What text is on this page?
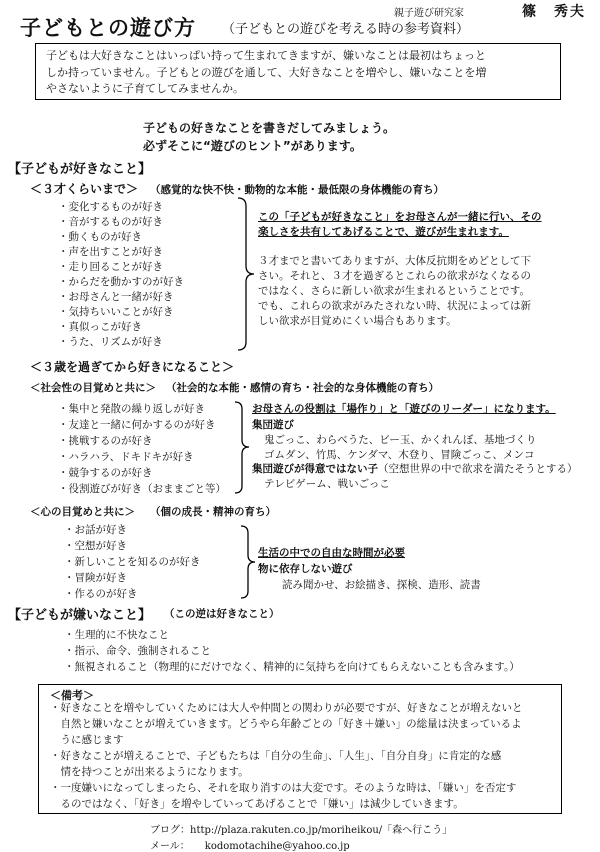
子どもとの遊び方 （子どもとの遊びを考える時の参考資料）
親子遊び研究家	篠　秀夫
子どもは大好きなことはいっぱい持って生まれてきますが、嫌いなことは最初はちょっと
しか持っていません。子どもとの遊びを通して、大好きなことを増やし、嫌いなことを増
やさないように子育てしてみませんか。
子どもの好きなことを書きだしてみましょう。
必ずそこに“遊びのヒント”があります。
【子どもが好きなこと】
＜３才くらいまで＞ （感覚的な快不快・動物的な本能・最低限の身体機能の育ち）
・変化するものが好き
・音がするものが好き
・動くものが好き
・声を出すことが好き
・走り回ることが好き
・からだを動かすのが好き
・お母さんと一緒が好き
・気持ちいいことが好き
・真似っこが好き
・うた、リズムが好き
この「子どもが好きなこと」をお母さんが一緒に行い、その
楽しさを共有してあげることで、遊びが生まれます。
３才までと書いてありますが、大体反抗期をめどとして下
さい。それと、３才を過ぎるとこれらの欲求がなくなるの
ではなく、さらに新しい欲求が生まれるということです。
でも、これらの欲求がみたされない時、状況によっては新
しい欲求が目覚めにくい場合もあります。
＜３歳を過ぎてから好きになること＞
＜社会性の目覚めと共に＞ （社会的な本能・感情の育ち・社会的な身体機能の育ち）
・集中と発散の繰り返しが好き
・友達と一緒に何かするのが好き
・挑戦するのが好き
・ハラハラ、ドキドキが好き
・競争するのが好き
・役割遊びが好き（おままごと等）
お母さんの役割は「場作り」と「遊びのリーダー」になります。
集団遊び
鬼ごっこ、わらべうた、ビー玉、かくれんぼ、基地づくり
ゴムダン、竹馬、ケンダマ、木登り、冒険ごっこ、メンコ
集団遊びが得意ではない子（空想世界の中で欲求を満たそうとする）
テレビゲーム、戦いごっこ
＜心の目覚めと共に＞ （個の成長・精神の育ち）
・お話が好き
・空想が好き
・新しいことを知るのが好き
・冒険が好き
・作るのが好き
生活の中での自由な時間が必要
物に依存しない遊び
読み聞かせ、お絵描き、探検、造形、読書
【子どもが嫌いなこと】 （この逆は好きなこと）
・生理的に不快なこと
・指示、命令、強制されること
・無視されること（物理的にだけでなく、精神的に気持ちを向けてもらえないことも含みます。）
＜備考＞
・好きなことを増やしていくためには大人や仲間との関わりが必要ですが、好きなことが増えないと
　自然と嫌いなことが増えていきます。どうやら年齢ごとの「好き＋嫌い」の総量は決まっているよ
　うに感じます
・好きなことが増えることで、子どもたちは「自分の生命」、「人生」、「自分自身」に肯定的な感
　情を持つことが出来るようになります。
・一度嫌いになってしまったら、それを取り消すのは大変です。そのような時は、「嫌い」を否定す
　るのではなく、「好き」を増やしていってあげることで「嫌い」は減少していきます。
ブログ：http://plaza.rakuten.co.jp/morihеikou/「森へ行こう」
メール：　　kodomotachihe@yahoo.co.jp
